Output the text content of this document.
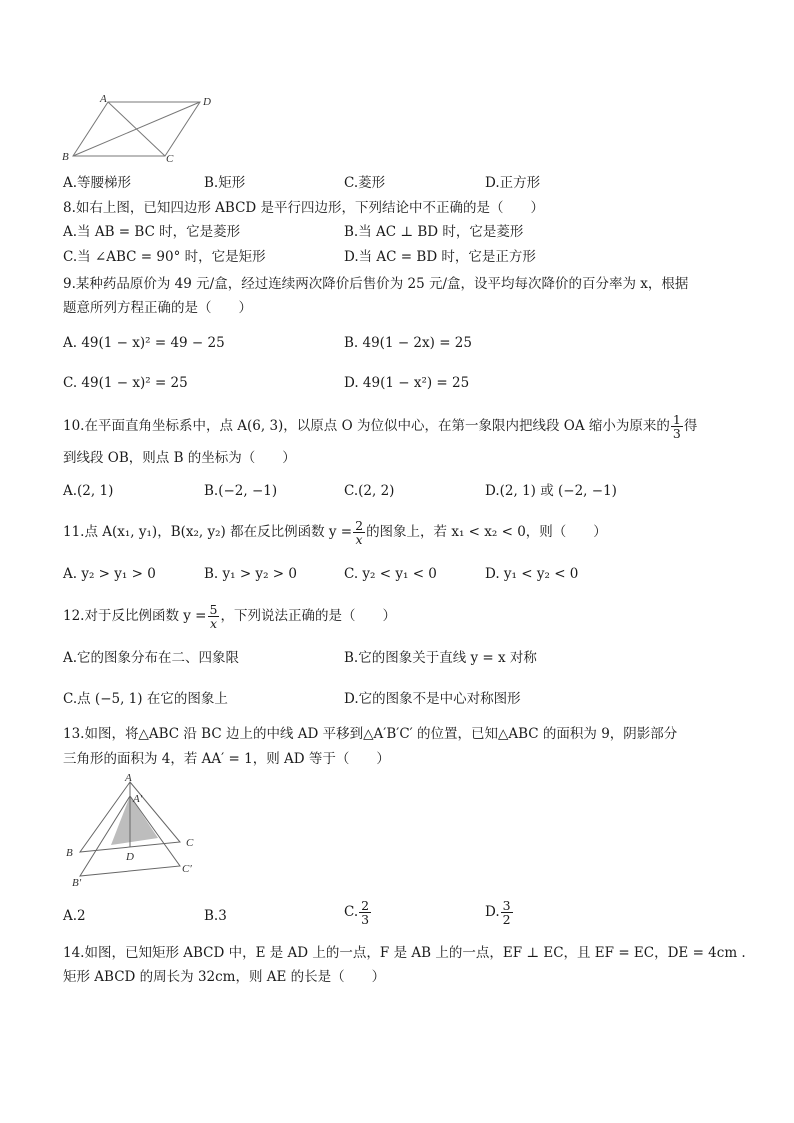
A	D
B	C
A.等腰梯形	B.矩形	C.菱形	D.正方形
8.如右上图，已知四边形 ABCD 是平行四边形，下列结论中不正确的是（　　）
A.当 AB = BC 时，它是菱形	B.当 AC ⊥ BD 时，它是菱形
C.当 ∠ABC = 90° 时，它是矩形	D.当 AC = BD 时，它是正方形
9.某种药品原价为 49 元/盒，经过连续两次降价后售价为 25 元/盒，设平均每次降价的百分率为 x，根据
题意所列方程正确的是（　　）
A. 49(1 − x)² = 49 − 25	B. 49(1 − 2x) = 25
C. 49(1 − x)² = 25	D. 49(1 − x²) = 25
10.在平面直角坐标系中，点 A(6, 3)，以原点 O 为位似中心，在第一象限内把线段 OA 缩小为原来的 $\frac{1}{3}$ 得
到线段 OB，则点 B 的坐标为（　　）
A.(2, 1)	B.(−2, −1)	C.(2, 2)	D.(2, 1) 或 (−2, −1)
11.点 A(x₁, y₁)，B(x₂, y₂) 都在反比例函数 $y = \frac{2}{x}$ 的图象上，若 x₁ < x₂ < 0，则（　　）
A. y₂ > y₁ > 0	B. y₁ > y₂ > 0	C. y₂ < y₁ < 0	D. y₁ < y₂ < 0
12.对于反比例函数 $y = \frac{5}{x}$ ，下列说法正确的是（　　）
A.它的图象分布在二、四象限	B.它的图象关于直线 y = x 对称
C.点 (−5, 1) 在它的图象上	D.它的图象不是中心对称图形
13.如图，将△ABC 沿 BC 边上的中线 AD 平移到△A′B′C′ 的位置，已知△ABC 的面积为 9，阴影部分
三角形的面积为 4，若 AA′ = 1，则 AD 等于（　　）
A
A′
B
C
D
B′
C′
A.2	B.3	C. $\frac{2}{3}$	D. $\frac{3}{2}$
14.如图，已知矩形 ABCD 中，E 是 AD 上的一点，F 是 AB 上的一点，EF ⊥ EC，且 EF = EC，DE = 4cm .
矩形 ABCD 的周长为 32cm，则 AE 的长是（　　）
